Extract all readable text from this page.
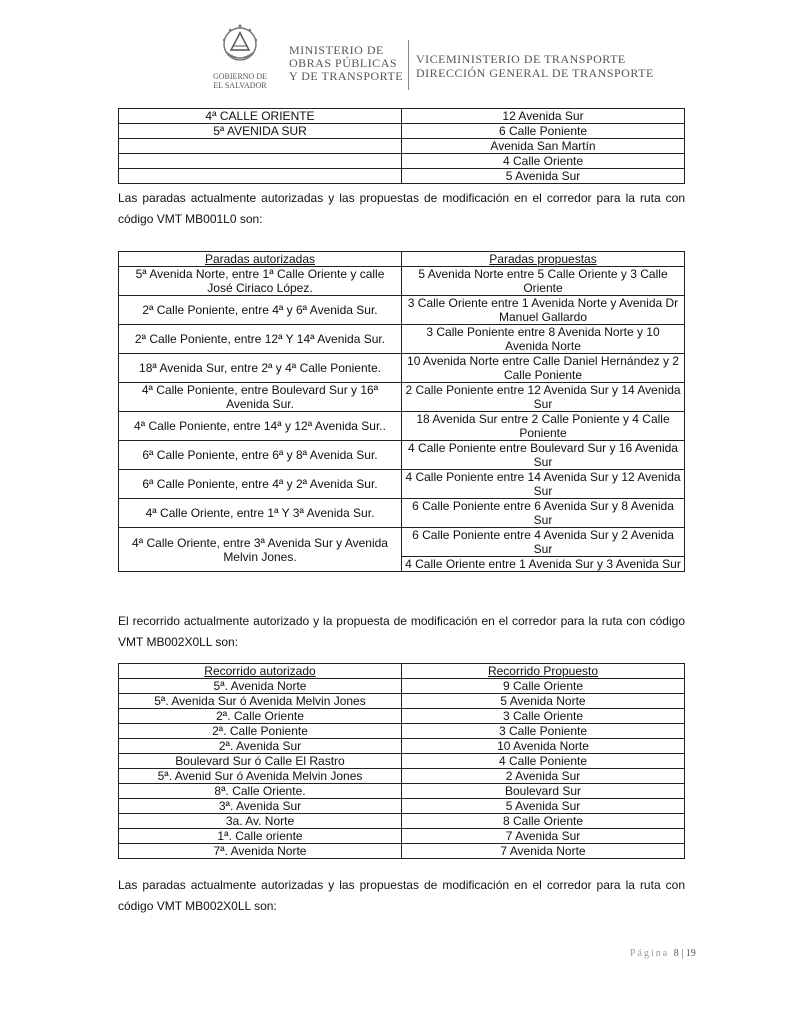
GOBIERNO DE
EL SALVADOR
MINISTERIO DE
OBRAS PÚBLICAS
Y DE TRANSPORTE
VICEMINISTERIO DE TRANSPORTE
DIRECCIÓN GENERAL DE TRANSPORTE
4ª CALLE ORIENTE	12 Avenida Sur
5ª AVENIDA SUR	6 Calle Poniente
	Avenida San Martín
	4 Calle Oriente
	5 Avenida Sur

Las paradas actualmente autorizadas y las propuestas de modificación en el corredor para la ruta con código VMT MB001L0 son:

Paradas autorizadas	Paradas propuestas
5ª Avenida Norte, entre 1ª Calle Oriente y calle José Ciriaco López.	5 Avenida Norte entre 5 Calle Oriente y 3 Calle Oriente
2ª Calle Poniente, entre 4ª y 6ª Avenida Sur.	3 Calle Oriente entre 1 Avenida Norte y Avenida Dr Manuel Gallardo
2ª Calle Poniente, entre 12ª Y 14ª Avenida Sur.	3 Calle Poniente entre 8 Avenida Norte y 10 Avenida Norte
18ª Avenida Sur, entre 2ª y 4ª Calle Poniente.	10 Avenida Norte entre Calle Daniel Hernández y 2 Calle Poniente
4ª Calle Poniente, entre Boulevard Sur y 16ª Avenida Sur.	2 Calle Poniente entre 12 Avenida Sur y 14 Avenida Sur
4ª Calle Poniente, entre 14ª y 12ª Avenida Sur..	18 Avenida Sur entre 2 Calle Poniente y 4 Calle Poniente
6ª Calle Poniente, entre 6ª y 8ª Avenida Sur.	4 Calle Poniente entre Boulevard Sur y 16 Avenida Sur
6ª Calle Poniente, entre 4ª y 2ª Avenida Sur.	4 Calle Poniente entre 14 Avenida Sur y 12 Avenida Sur
4ª Calle Oriente, entre 1ª Y 3ª Avenida Sur.	6 Calle Poniente entre 6 Avenida Sur y 8 Avenida Sur
4ª Calle Oriente, entre 3ª Avenida Sur y Avenida Melvin Jones.	6 Calle Poniente entre 4 Avenida Sur y 2 Avenida Sur
	4 Calle Oriente entre 1 Avenida Sur y 3 Avenida Sur

El recorrido actualmente autorizado y la propuesta de modificación en el corredor para la ruta con código VMT MB002X0LL son:

Recorrido autorizado	Recorrido Propuesto
5ª. Avenida Norte	9 Calle Oriente
5ª. Avenida Sur ó Avenida Melvin Jones	5 Avenida Norte
2ª. Calle Oriente	3 Calle Oriente
2ª. Calle Poniente	3 Calle Poniente
2ª. Avenida Sur	10 Avenida Norte
Boulevard Sur ó Calle El Rastro	4 Calle Poniente
5ª. Avenid Sur ó Avenida Melvin Jones	2 Avenida Sur
8ª. Calle Oriente.	Boulevard Sur
3ª. Avenida Sur	5 Avenida Sur
3a. Av. Norte	8 Calle Oriente
1ª. Calle oriente	7 Avenida Sur
7ª. Avenida Norte	7 Avenida Norte

Las paradas actualmente autorizadas y las propuestas de modificación en el corredor para la ruta con código VMT MB002X0LL son:

Página 8 | 19
